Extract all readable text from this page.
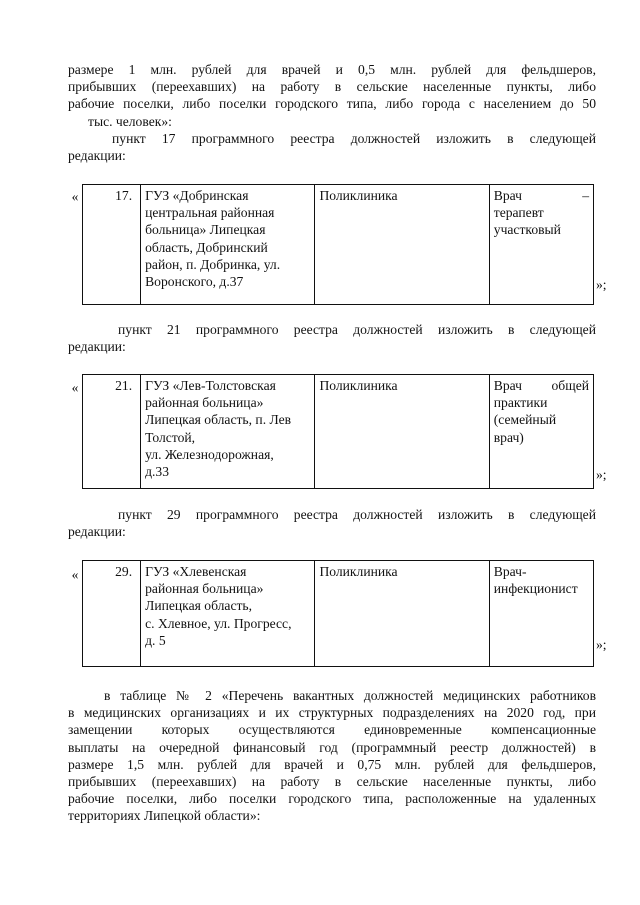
размере 1 млн. рублей для врачей и 0,5 млн. рублей для фельдшеров,
прибывших (переехавших) на работу в сельские населенные пункты, либо
рабочие поселки, либо поселки городского типа, либо города с населением до 50
тыс. человек»:
пункт 17 программного реестра должностей изложить в следующей
редакции:
«	17.	ГУЗ «Добринская
центральная районная
больница» Липецкая
область, Добринский
район, п. Добринка, ул.
Воронского, д.37
	Поликлиника	Врач –
терапевт
участковый
»;
пункт 21 программного реестра должностей изложить в следующей
редакции:
«	21.	ГУЗ «Лев-Толстовская
районная больница»
Липецкая область, п. Лев
Толстой,
ул. Железнодорожная,
д.33
	Поликлиника	Врач общей
практики
(семейный
врач)
»;
пункт 29 программного реестра должностей изложить в следующей
редакции:
«	29.	ГУЗ «Хлевенская
районная больница»
Липецкая область,
с. Хлевное, ул. Прогресс,
д. 5
	Поликлиника	Врач-
инфекционист
»;
в таблице № 2 «Перечень вакантных должностей медицинских работников
в медицинских организациях и их структурных подразделениях на 2020 год, при
замещении которых осуществляются единовременные компенсационные
выплаты на очередной финансовый год (программный реестр должностей) в
размере 1,5 млн. рублей для врачей и 0,75 млн. рублей для фельдшеров,
прибывших (переехавших) на работу в сельские населенные пункты, либо
рабочие поселки, либо поселки городского типа, расположенные на удаленных
территориях Липецкой области»:
